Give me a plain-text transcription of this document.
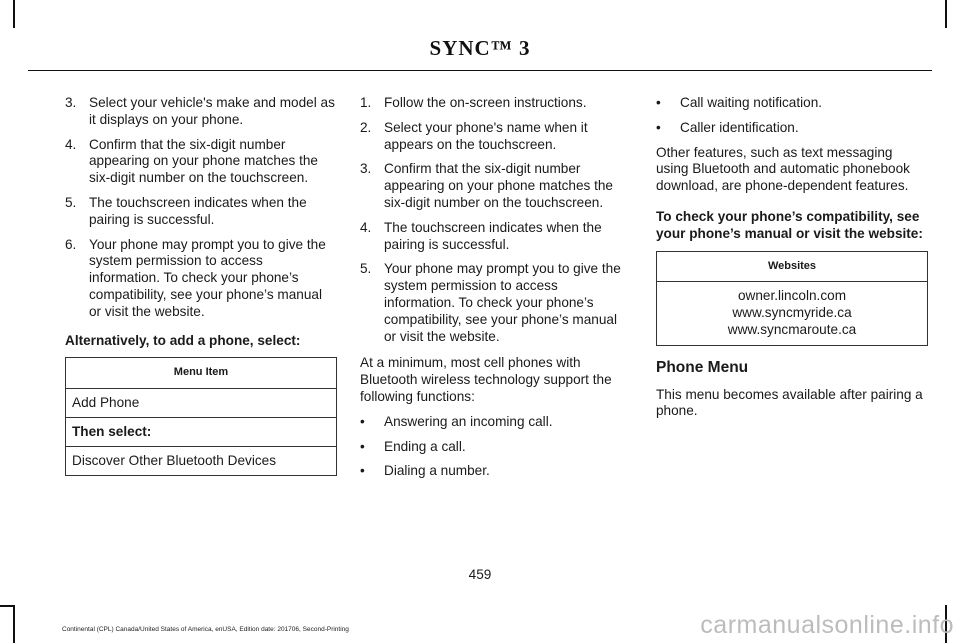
SYNC™ 3
3. Select your vehicle's make and model as it displays on your phone.
4. Confirm that the six-digit number appearing on your phone matches the six-digit number on the touchscreen.
5. The touchscreen indicates when the pairing is successful.
6. Your phone may prompt you to give the system permission to access information. To check your phone’s compatibility, see your phone’s manual or visit the website.

Alternatively, to add a phone, select:

Menu Item
Add Phone
Then select:
Discover Other Bluetooth Devices
1. Follow the on-screen instructions.
2. Select your phone's name when it appears on the touchscreen.
3. Confirm that the six-digit number appearing on your phone matches the six-digit number on the touchscreen.
4. The touchscreen indicates when the pairing is successful.
5. Your phone may prompt you to give the system permission to access information. To check your phone’s compatibility, see your phone’s manual or visit the website.

At a minimum, most cell phones with Bluetooth wireless technology support the following functions:

• Answering an incoming call.
• Ending a call.
• Dialing a number.
• Call waiting notification.
• Caller identification.

Other features, such as text messaging using Bluetooth and automatic phonebook download, are phone-dependent features.

To check your phone’s compatibility, see your phone’s manual or visit the website:

Websites

owner.lincoln.com
www.syncmyride.ca
www.syncmaroute.ca
Phone Menu

This menu becomes available after pairing a phone.

459
Continental (CPL) Canada/United States of America, enUSA, Edition date: 201706, Second-Printing	carmanualsonline.info
